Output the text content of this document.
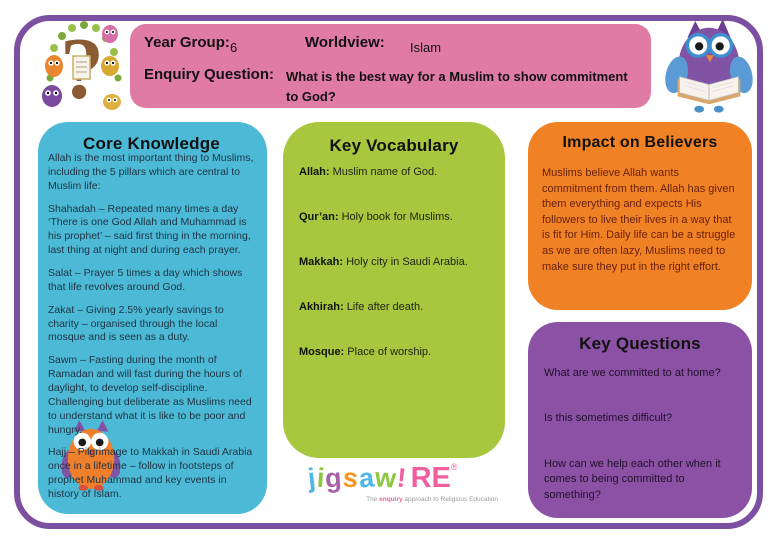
Year Group: 6	Worldview: Islam
Enquiry Question: What is the best way for a Muslim to show commitment to God?
Core Knowledge

Allah is the most important thing to Muslims, including the 5 pillars which are central to Muslim life:

Shahadah – Repeated many times a day ‘There is one God Allah and Muhammad is his prophet’ – said first thing in the morning, last thing at night and during each prayer.

Salat – Prayer 5 times a day which shows that life revolves around God.

Zakat – Giving 2.5% yearly savings to charity – organised through the local mosque and is seen as a duty.

Sawm – Fasting during the month of Ramadan and will fast during the hours of daylight, to develop self-discipline. Challenging but deliberate as Muslims need to understand what it is like to be poor and hungry.

Hajj – Pilgrimage to Makkah in Saudi Arabia once in a lifetime – follow in footsteps of prophet Muhammad and key events in history of Islam.

Key Vocabulary

Allah: Muslim name of God.

Qur’an: Holy book for Muslims.

Makkah: Holy city in Saudi Arabia.

Akhirah: Life after death.

Mosque: Place of worship.

Impact on Believers

Muslims believe Allah wants commitment from them. Allah has given them everything and expects His followers to live their lives in a way that is fit for Him. Daily life can be a struggle as we are often lazy, Muslims need to make sure they put in the right effort.

Key Questions

What are we committed to at home?

Is this sometimes difficult?

How can we help each other when it comes to being committed to something?

jigsaw!RE®
The enquiry approach to Religious Education
